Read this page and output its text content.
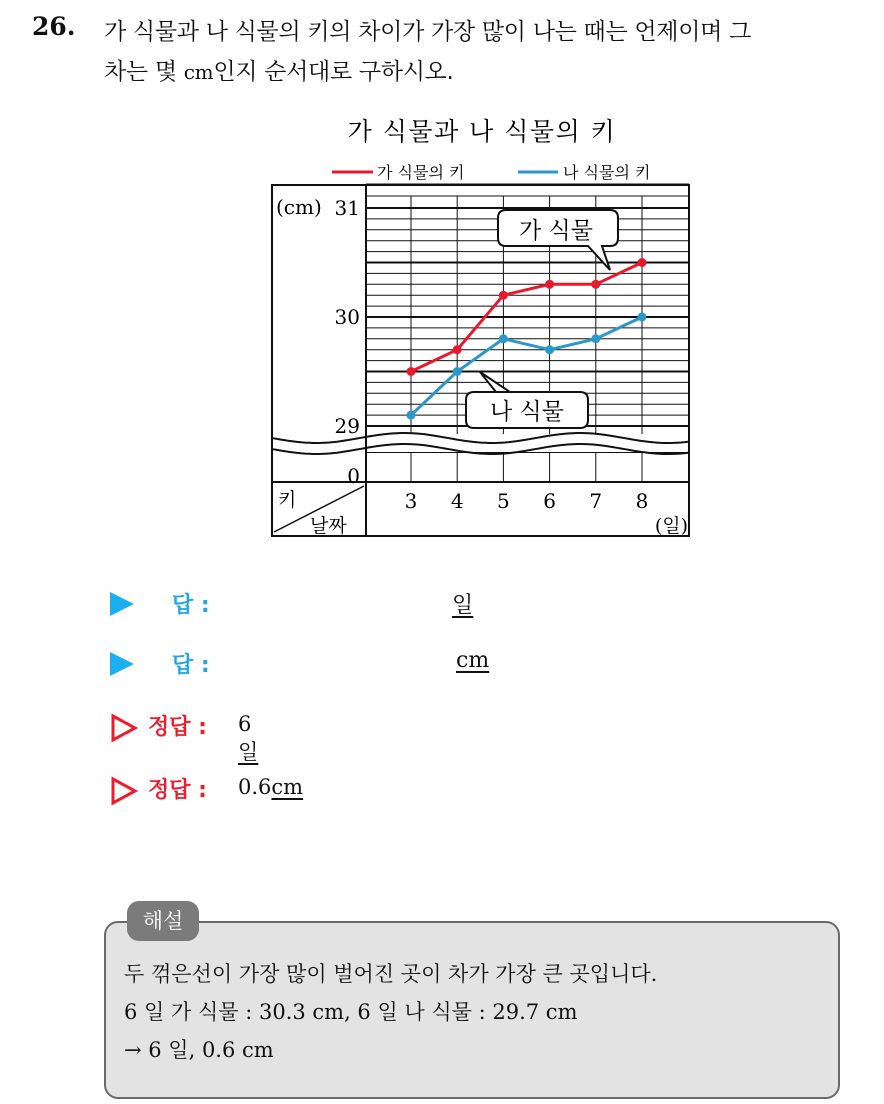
26. 가 식물과 나 식물의 키의 차이가 가장 많이 나는 때는 언제이며 그
차는 몇 cm인지 순서대로 구하시오.
가 식물과 나 식물의 키
가 식물의 키	나 식물의 키
31
30
29
0
3 4 5 6 7 8
(cm)
(일)
키
날짜
가 식물
나 식물
답 :	일
답 :	cm
정답 : 6일
정답 : 0.6cm
해설
두 꺾은선이 가장 많이 벌어진 곳이 차가 가장 큰 곳입니다.
6 일 가 식물 : 30.3 cm, 6 일 나 식물 : 29.7 cm
→ 6 일, 0.6 cm
